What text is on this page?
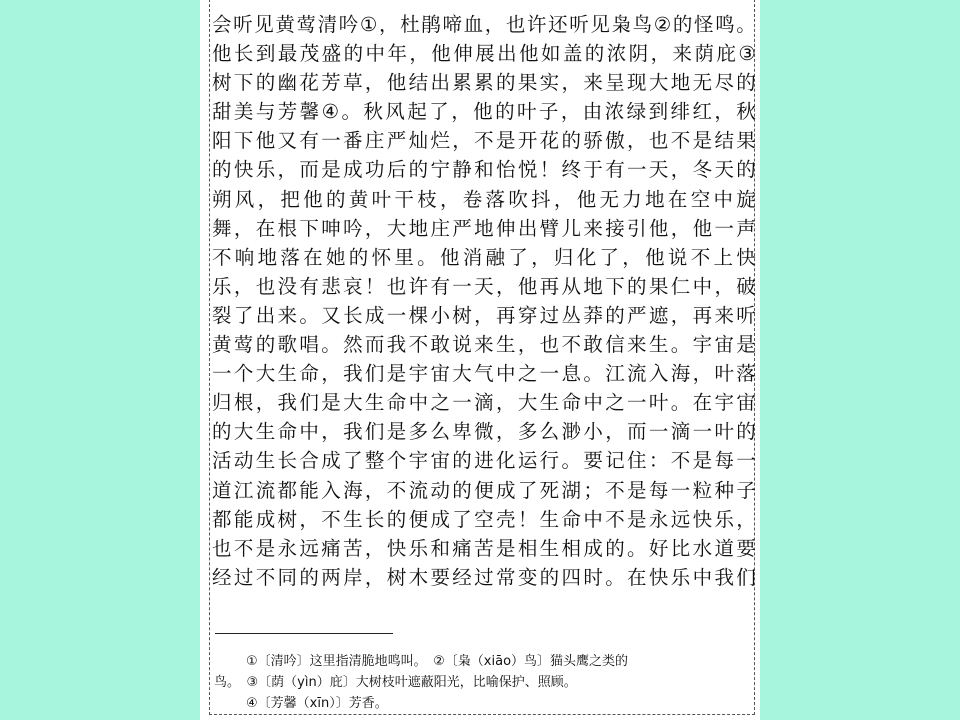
会听见黄莺清吟①，杜鹃啼血，也许还听见枭鸟②的怪鸣。
他长到最茂盛的中年，他伸展出他如盖的浓阴，来荫庇③
树下的幽花芳草，他结出累累的果实，来呈现大地无尽的
甜美与芳馨④。秋风起了，他的叶子，由浓绿到绯红，秋
阳下他又有一番庄严灿烂，不是开花的骄傲，也不是结果
的快乐，而是成功后的宁静和怡悦！终于有一天，冬天的
朔风，把他的黄叶干枝，卷落吹抖，他无力地在空中旋
舞，在根下呻吟，大地庄严地伸出臂儿来接引他，他一声
不响地落在她的怀里。他消融了，归化了，他说不上快
乐，也没有悲哀！也许有一天，他再从地下的果仁中，破
裂了出来。又长成一棵小树，再穿过丛莽的严遮，再来听
黄莺的歌唱。然而我不敢说来生，也不敢信来生。宇宙是
一个大生命，我们是宇宙大气中之一息。江流入海，叶落
归根，我们是大生命中之一滴，大生命中之一叶。在宇宙
的大生命中，我们是多么卑微，多么渺小，而一滴一叶的
活动生长合成了整个宇宙的进化运行。要记住：不是每一
道江流都能入海，不流动的便成了死湖；不是每一粒种子
都能成树，不生长的便成了空壳！生命中不是永远快乐，
也不是永远痛苦，快乐和痛苦是相生相成的。好比水道要
经过不同的两岸，树木要经过常变的四时。在快乐中我们
①〔清吟〕这里指清脆地鸣叫。　②〔枭（xiāo）鸟〕猫头鹰之类的
鸟。　③〔荫（yìn）庇〕大树枝叶遮蔽阳光，比喻保护、照顾。
④〔芳馨（xīn）〕芳香。
